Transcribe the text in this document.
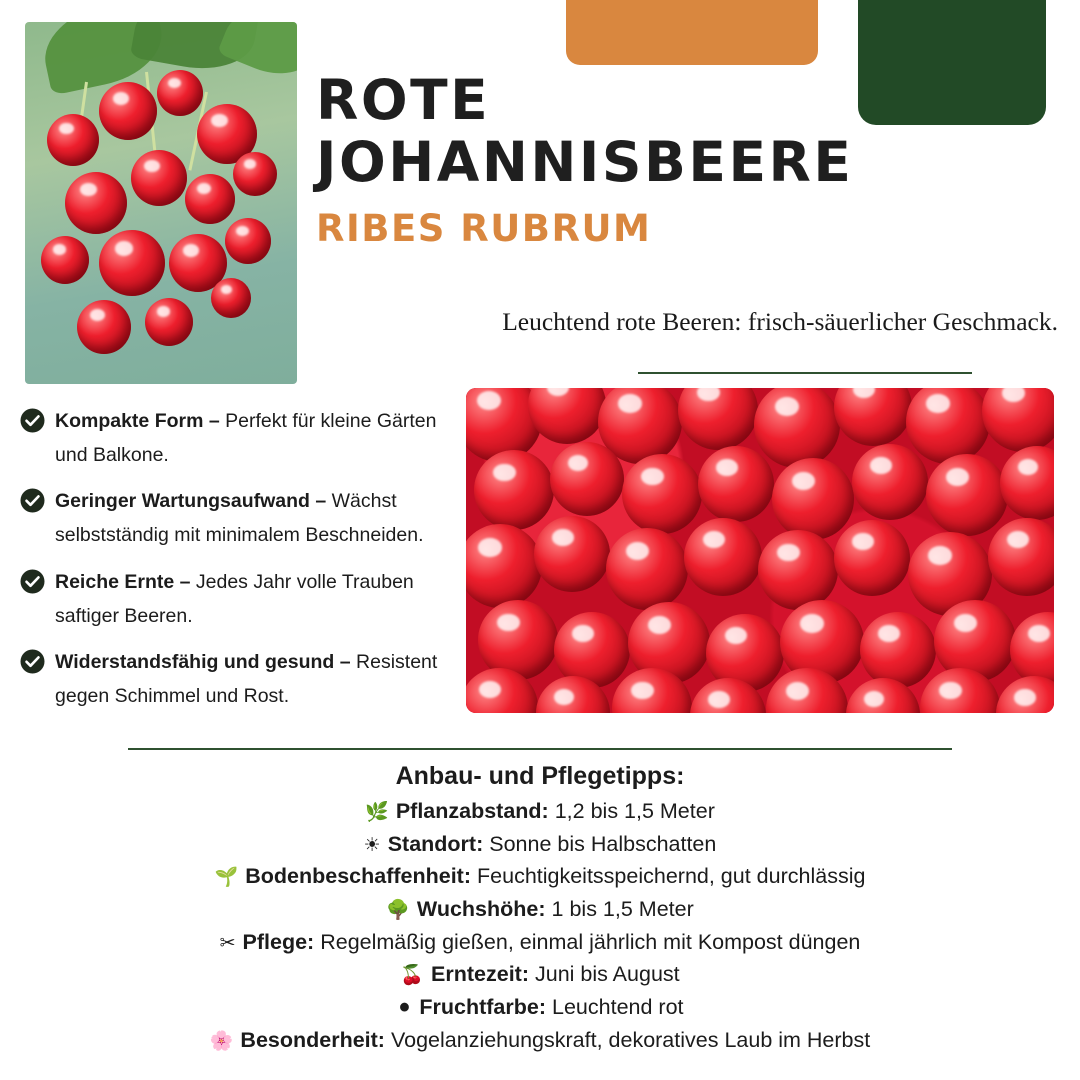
ROTE
JOHANNISBEERE
RIBES RUBRUM
Leuchtend rote Beeren: frisch-säuerlicher Geschmack.
Kompakte Form – Perfekt für kleine Gärten und Balkone.
Geringer Wartungsaufwand – Wächst selbstständig mit minimalem Beschneiden.
Reiche Ernte – Jedes Jahr volle Trauben saftiger Beeren.
Widerstandsfähig und gesund – Resistent gegen Schimmel und Rost.
Anbau- und Pflegetipps:
🌿 Pflanzabstand: 1,2 bis 1,5 Meter
☀ Standort: Sonne bis Halbschatten
🌱 Bodenbeschaffenheit: Feuchtigkeitsspeichernd, gut durchlässig
🌳 Wuchshöhe: 1 bis 1,5 Meter
✂ Pflege: Regelmäßig gießen, einmal jährlich mit Kompost düngen
🍒 Erntezeit: Juni bis August
⚫ Fruchtfarbe: Leuchtend rot
🌸 Besonderheit: Vogelanziehungskraft, dekoratives Laub im Herbst
